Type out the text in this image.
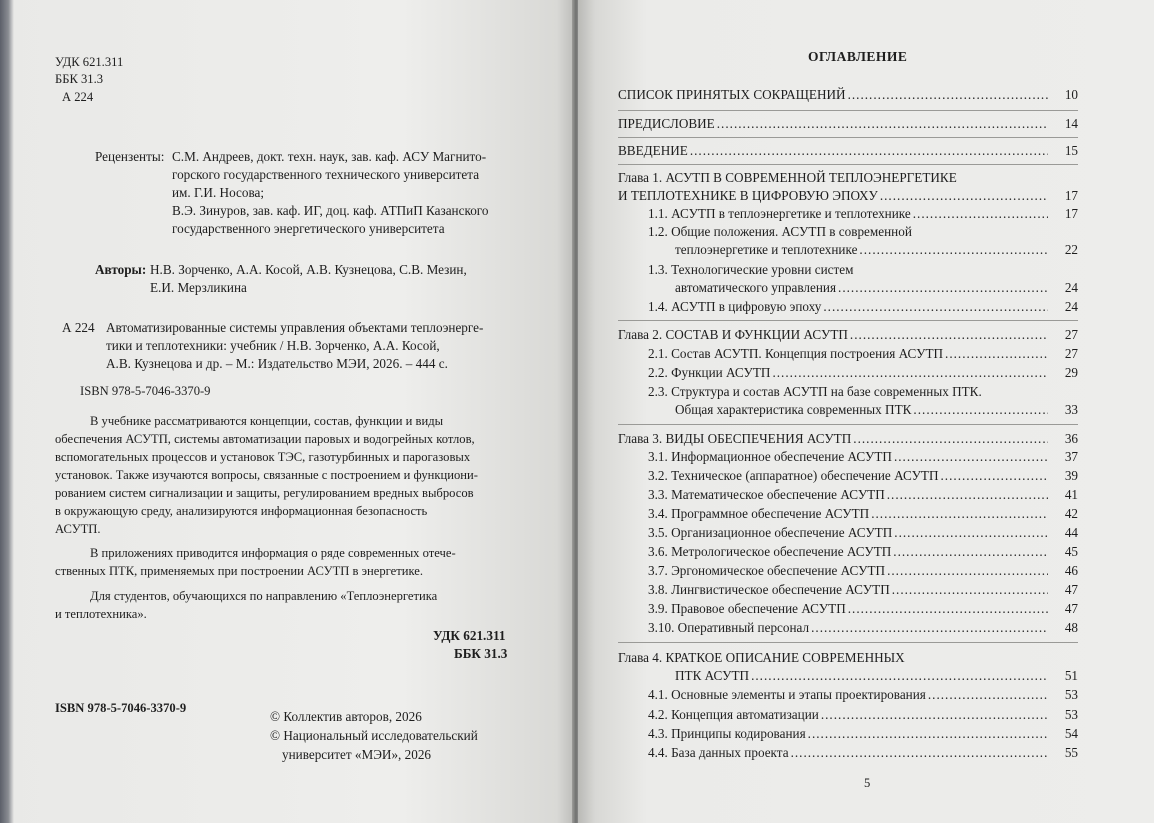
УДК 621.311
ББК 31.3
А 224
Рецензенты: С.М. Андреев, докт. техн. наук, зав. каф. АСУ Магнито-
горского государственного технического университета
им. Г.И. Носова;
В.Э. Зинуров, зав. каф. ИГ, доц. каф. АТПиП Казанского
государственного энергетического университета
Авторы: Н.В. Зорченко, А.А. Косой, А.В. Кузнецова, С.В. Мезин,
Е.И. Мерзликина
А 224 Автоматизированные системы управления объектами теплоэнерге-
тики и теплотехники: учебник / Н.В. Зорченко, А.А. Косой,
А.В. Кузнецова и др. – М.: Издательство МЭИ, 2026. – 444 с.
ISBN 978-5-7046-3370-9
В учебнике рассматриваются концепции, состав, функции и виды
обеспечения АСУТП, системы автоматизации паровых и водогрейных котлов,
вспомогательных процессов и установок ТЭС, газотурбинных и парогазовых
установок. Также изучаются вопросы, связанные с построением и функциони-
рованием систем сигнализации и защиты, регулированием вредных выбросов
в окружающую среду, анализируются информационная безопасность
АСУТП.
В приложениях приводится информация о ряде современных отече-
ственных ПТК, применяемых при построении АСУТП в энергетике.
Для студентов, обучающихся по направлению «Теплоэнергетика
и теплотехника».
УДК 621.311
ББК 31.3
ISBN 978-5-7046-3370-9
© Коллектив авторов, 2026
© Национальный исследовательский
университет «МЭИ», 2026
ОГЛАВЛЕНИЕ
СПИСОК ПРИНЯТЫХ СОКРАЩЕНИЙ .....	10
ПРЕДИСЛОВИЕ .....	14
ВВЕДЕНИЕ .....	15
Глава 1. АСУТП В СОВРЕМЕННОЙ ТЕПЛОЭНЕРГЕТИКЕ
И ТЕПЛОТЕХНИКЕ В ЦИФРОВУЮ ЭПОХУ .....	17
1.1. АСУТП в теплоэнергетике и теплотехнике .....	17
1.2. Общие положения. АСУТП в современной
теплоэнергетике и теплотехнике .....	22
1.3. Технологические уровни систем
автоматического управления .....	24
1.4. АСУТП в цифровую эпоху .....	24
Глава 2. СОСТАВ И ФУНКЦИИ АСУТП .....	27
2.1. Состав АСУТП. Концепция построения АСУТП .....	27
2.2. Функции АСУТП .....	29
2.3. Структура и состав АСУТП на базе современных ПТК.
Общая характеристика современных ПТК .....	33
Глава 3. ВИДЫ ОБЕСПЕЧЕНИЯ АСУТП .....	36
3.1. Информационное обеспечение АСУТП .....	37
3.2. Техническое (аппаратное) обеспечение АСУТП .....	39
3.3. Математическое обеспечение АСУТП .....	41
3.4. Программное обеспечение АСУТП .....	42
3.5. Организационное обеспечение АСУТП .....	44
3.6. Метрологическое обеспечение АСУТП .....	45
3.7. Эргономическое обеспечение АСУТП .....	46
3.8. Лингвистическое обеспечение АСУТП .....	47
3.9. Правовое обеспечение АСУТП .....	47
3.10. Оперативный персонал .....	48
Глава 4. КРАТКОЕ ОПИСАНИЕ СОВРЕМЕННЫХ
ПТК АСУТП .....	51
4.1. Основные элементы и этапы проектирования .....	53
4.2. Концепция автоматизации .....	53
4.3. Принципы кодирования .....	54
4.4. База данных проекта .....	55
5
